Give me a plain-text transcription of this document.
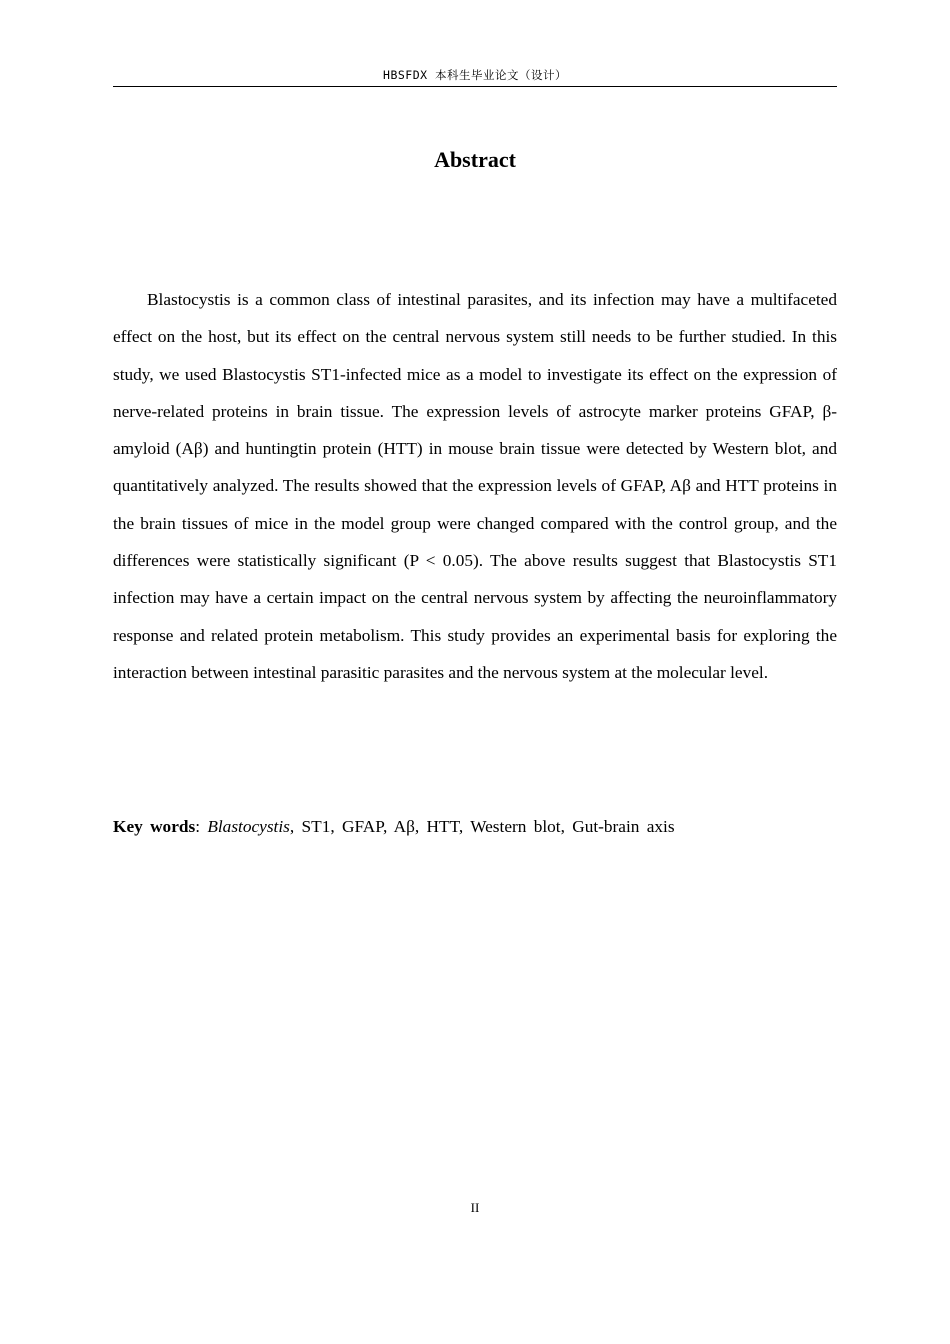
HBSFDX 本科生毕业论文（设计）
Abstract

Blastocystis is a common class of intestinal parasites, and its infection may have a multifaceted effect on the host, but its effect on the central nervous system still needs to be further studied. In this study, we used Blastocystis ST1-infected mice as a model to investigate its effect on the expression of nerve-related proteins in brain tissue. The expression levels of astrocyte marker proteins GFAP, β-amyloid (Aβ) and huntingtin protein (HTT) in mouse brain tissue were detected by Western blot, and quantitatively analyzed. The results showed that the expression levels of GFAP, Aβ and HTT proteins in the brain tissues of mice in the model group were changed compared with the control group, and the differences were statistically significant (P < 0.05). The above results suggest that Blastocystis ST1 infection may have a certain impact on the central nervous system by affecting the neuroinflammatory response and related protein metabolism. This study provides an experimental basis for exploring the interaction between intestinal parasitic parasites and the nervous system at the molecular level.

Key words: Blastocystis, ST1, GFAP, Aβ, HTT, Western blot, Gut-brain axis
II
